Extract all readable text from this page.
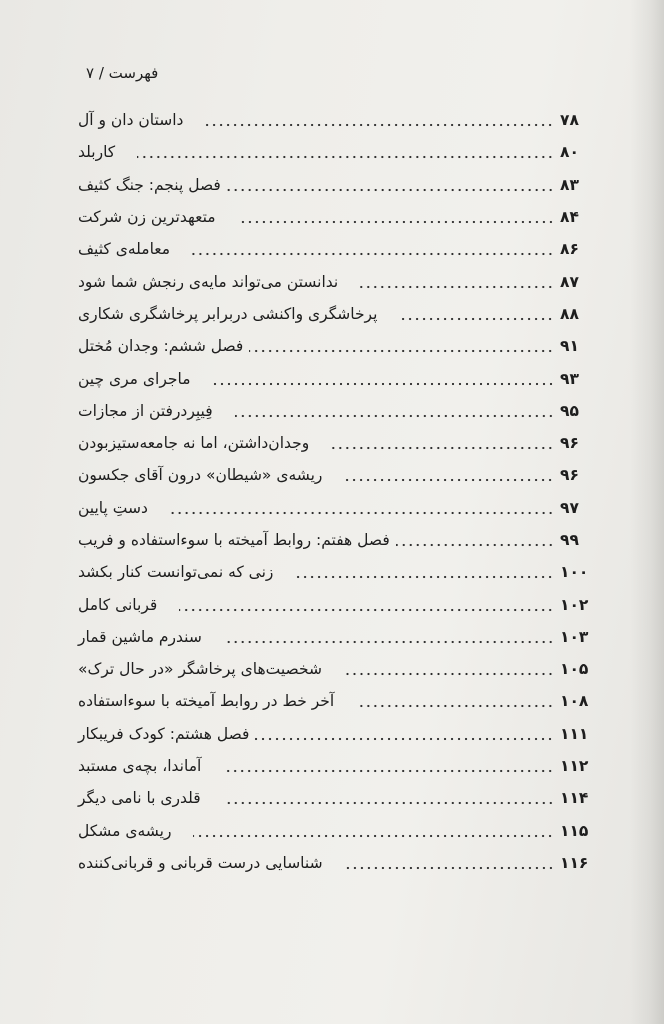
فهرست / ۷
داستان دان و آل	۷۸
کاربلد	۸۰
فصل پنجم: جنگ کثیف	۸۳
متعهدترین زن شرکت	۸۴
معامله‌ی کثیف	۸۶
ندانستن می‌تواند مایه‌ی رنجش شما شود	۸۷
پرخاشگری واکنشی دربرابر پرخاشگری شکاری	۸۸
فصل ششم: وجدان مُختل	۹۱
ماجرای مری چین	۹۳
فِیبِردرفتن از مجازات	۹۵
وجدان‌داشتن، اما نه جامعه‌ستیزبودن	۹۶
ریشه‌ی «شیطان» درون آقای جکسون	۹۶
دستِ پایین	۹۷
فصل هفتم: روابط آمیخته با سوءاستفاده و فریب	۹۹
زنی که نمی‌توانست کنار بکشد	۱۰۰
قربانی کامل	۱۰۲
سندرم ماشین قمار	۱۰۳
شخصیت‌های پرخاشگر «در حال ترک»	۱۰۵
آخر خط در روابط آمیخته با سوءاستفاده	۱۰۸
فصل هشتم: کودک فریبکار	۱۱۱
آماندا، بچه‌ی مستبد	۱۱۲
قلدری با نامی دیگر	۱۱۴
ریشه‌ی مشکل	۱۱۵
شناسایی درست قربانی و قربانی‌کننده	۱۱۶
